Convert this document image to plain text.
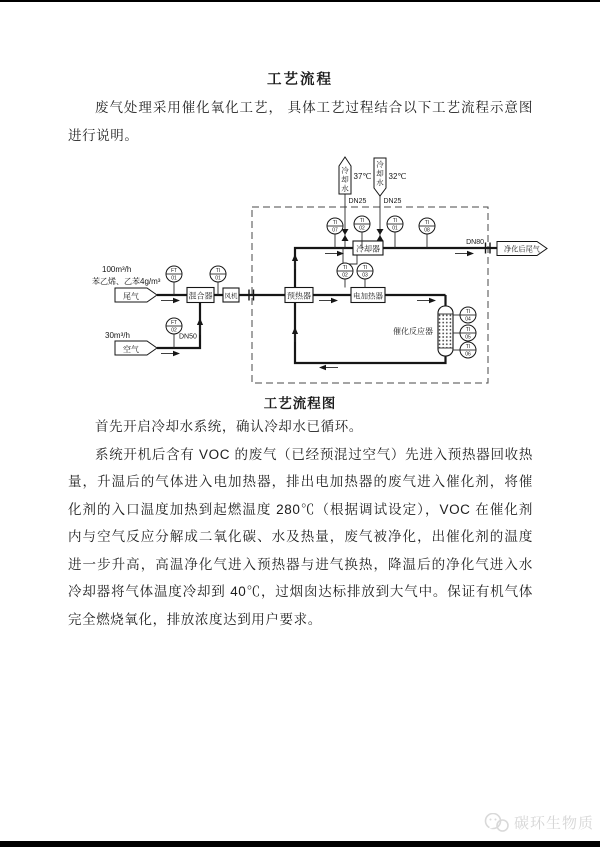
工艺流程

废气处理采用催化氧化工艺， 具体工艺过程结合以下工艺流程示意图进行说明。

混合器 风机	预热器	电加热器
冷却器
催化反应器
FT
01
TI
01
FT
02
TI
02
TI
03
TI
04
TI
05
TI
06
TI
07
TI
02
TI
01
TI
08
尾气
空气
净化后尾气
冷
却
水
37℃
冷
却
水
32℃
100m³/h
苯乙烯、乙苯4g/m³
30m³/h	DN50
DN25 DN25
DN80
工艺流程图

首先开启冷却水系统，确认冷却水已循环。

系统开机后含有 VOC 的废气（已经预混过空气）先进入预热器回收热量，升温后的气体进入电加热器，排出电加热器的废气进入催化剂，将催化剂的入口温度加热到起燃温度 280℃（根据调试设定），VOC 在催化剂内与空气反应分解成二氧化碳、水及热量，废气被净化，出催化剂的温度进一步升高，高温净化气进入预热器与进气换热，降温后的净化气进入水冷却器将气体温度冷却到 40℃，过烟囱达标排放到大气中。保证有机气体完全燃烧氧化，排放浓度达到用户要求。

碳环生物质
